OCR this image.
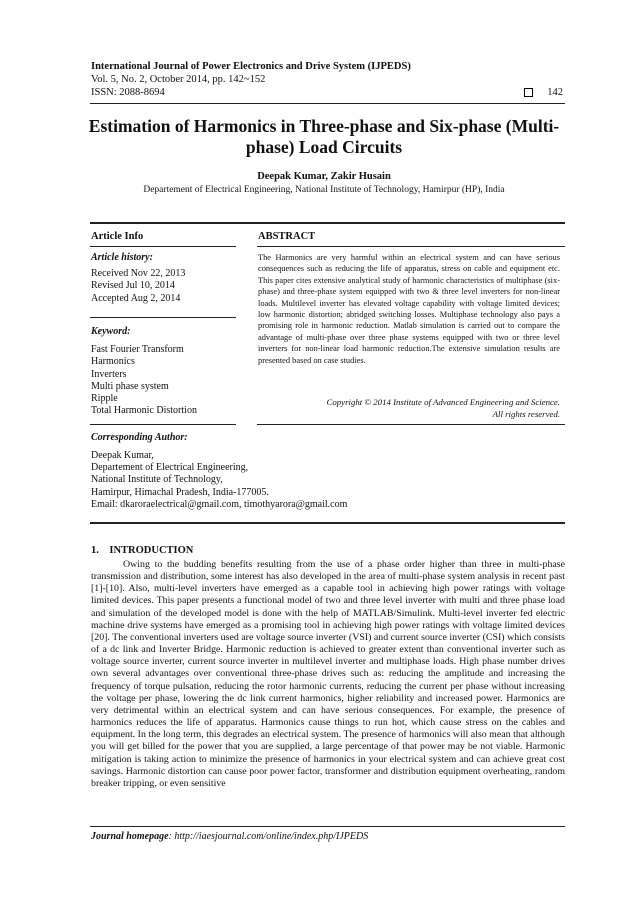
International Journal of Power Electronics and Drive System (IJPEDS)
Vol. 5, No. 2, October 2014, pp. 142~152
ISSN: 2088-8694	142
Estimation of Harmonics in Three-phase and Six-phase (Multi-phase) Load Circuits
Deepak Kumar, Zakir Husain
Departement of Electrical Engineering, National Institute of Technology, Hamirpur (HP), India
Article Info	ABSTRACT
Article history:
Received Nov 22, 2013
Revised Jul 10, 2014
Accepted Aug 2, 2014
Keyword:
Fast Fourier Transform
Harmonics
Inverters
Multi phase system
Ripple
Total Harmonic Distortion
The Harmonics are very harmful within an electrical system and can have serious consequences such as reducing the life of apparatus, stress on cable and equipment etc. This paper cites extensive analytical study of harmonic characteristics of multiphase (six- phase) and three-phase system equipped with two & three level inverters for non-linear loads. Multilevel inverter has elevated voltage capability with voltage limited devices; low harmonic distortion; abridged switching losses. Multiphase technology also pays a promising role in harmonic reduction. Matlab simulation is carried out to compare the advantage of multi-phase over three phase systems equipped with two or three level inverters for non-linear load harmonic reduction.The extensive simulation results are presented based on case studies.
Copyright © 2014 Institute of Advanced Engineering and Science.
All rights reserved.
Corresponding Author:
Deepak Kumar,
Departement of Electrical Engineering,
National Institute of Technology,
Hamirpur, Himachal Pradesh, India-177005.
Email: dkaroraelectrical@gmail.com, timothyarora@gmail.com
1.    INTRODUCTION
Owing to the budding benefits resulting from the use of a phase order higher than three in multi-phase transmission and distribution, some interest has also developed in the area of multi-phase system analysis in recent past [1]-[10]. Also, multi-level inverters have emerged as a capable tool in achieving high power ratings with voltage limited devices. This paper presents a functional model of two and three level inverter with multi and three phase load and simulation of the developed model is done with the help of MATLAB/Simulink. Multi-level inverter fed electric machine drive systems have emerged as a promising tool in achieving high power ratings with voltage limited devices [20]. The conventional inverters used are voltage source inverter (VSI) and current source inverter (CSI) which consists of a dc link and Inverter Bridge. Harmonic reduction is achieved to greater extent than conventional inverter such as voltage source inverter, current source inverter in multilevel inverter and multiphase loads. High phase number drives own several advantages over conventional three-phase drives such as: reducing the amplitude and increasing the frequency of torque pulsation, reducing the rotor harmonic currents, reducing the current per phase without increasing the voltage per phase, lowering the dc link current harmonics, higher reliability and increased power. Harmonics are very detrimental within an electrical system and can have serious consequences. For example, the presence of harmonics reduces the life of apparatus. Harmonics cause things to run hot, which cause stress on the cables and equipment. In the long term, this degrades an electrical system. The presence of harmonics will also mean that although you will get billed for the power that you are supplied, a large percentage of that power may be not viable. Harmonic mitigation is taking action to minimize the presence of harmonics in your electrical system and can achieve great cost savings. Harmonic distortion can cause poor power factor, transformer and distribution equipment overheating, random breaker tripping, or even sensitive
Journal homepage: http://iaesjournal.com/online/index.php/IJPEDS
